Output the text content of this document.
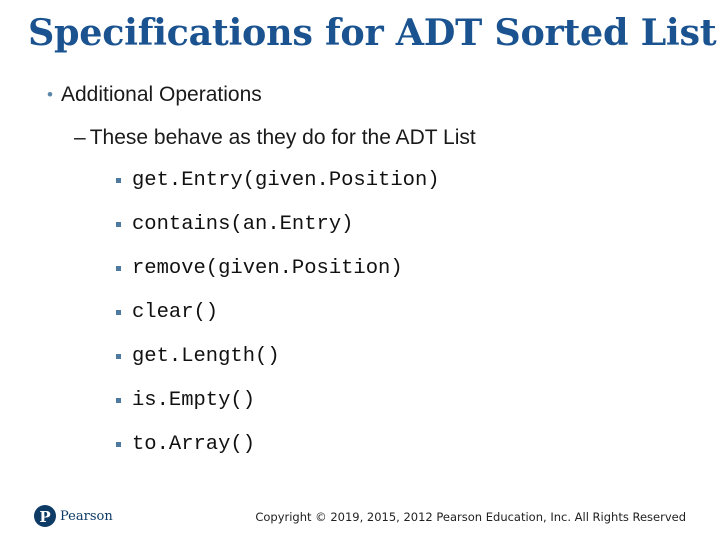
Specifications for ADT Sorted List
• Additional Operations
– These behave as they do for the ADT List
get.Entry(given.Position)
contains(an.Entry)
remove(given.Position)
clear()
get.Length()
is.Empty()
to.Array()
P Pearson	Copyright © 2019, 2015, 2012 Pearson Education, Inc. All Rights Reserved
